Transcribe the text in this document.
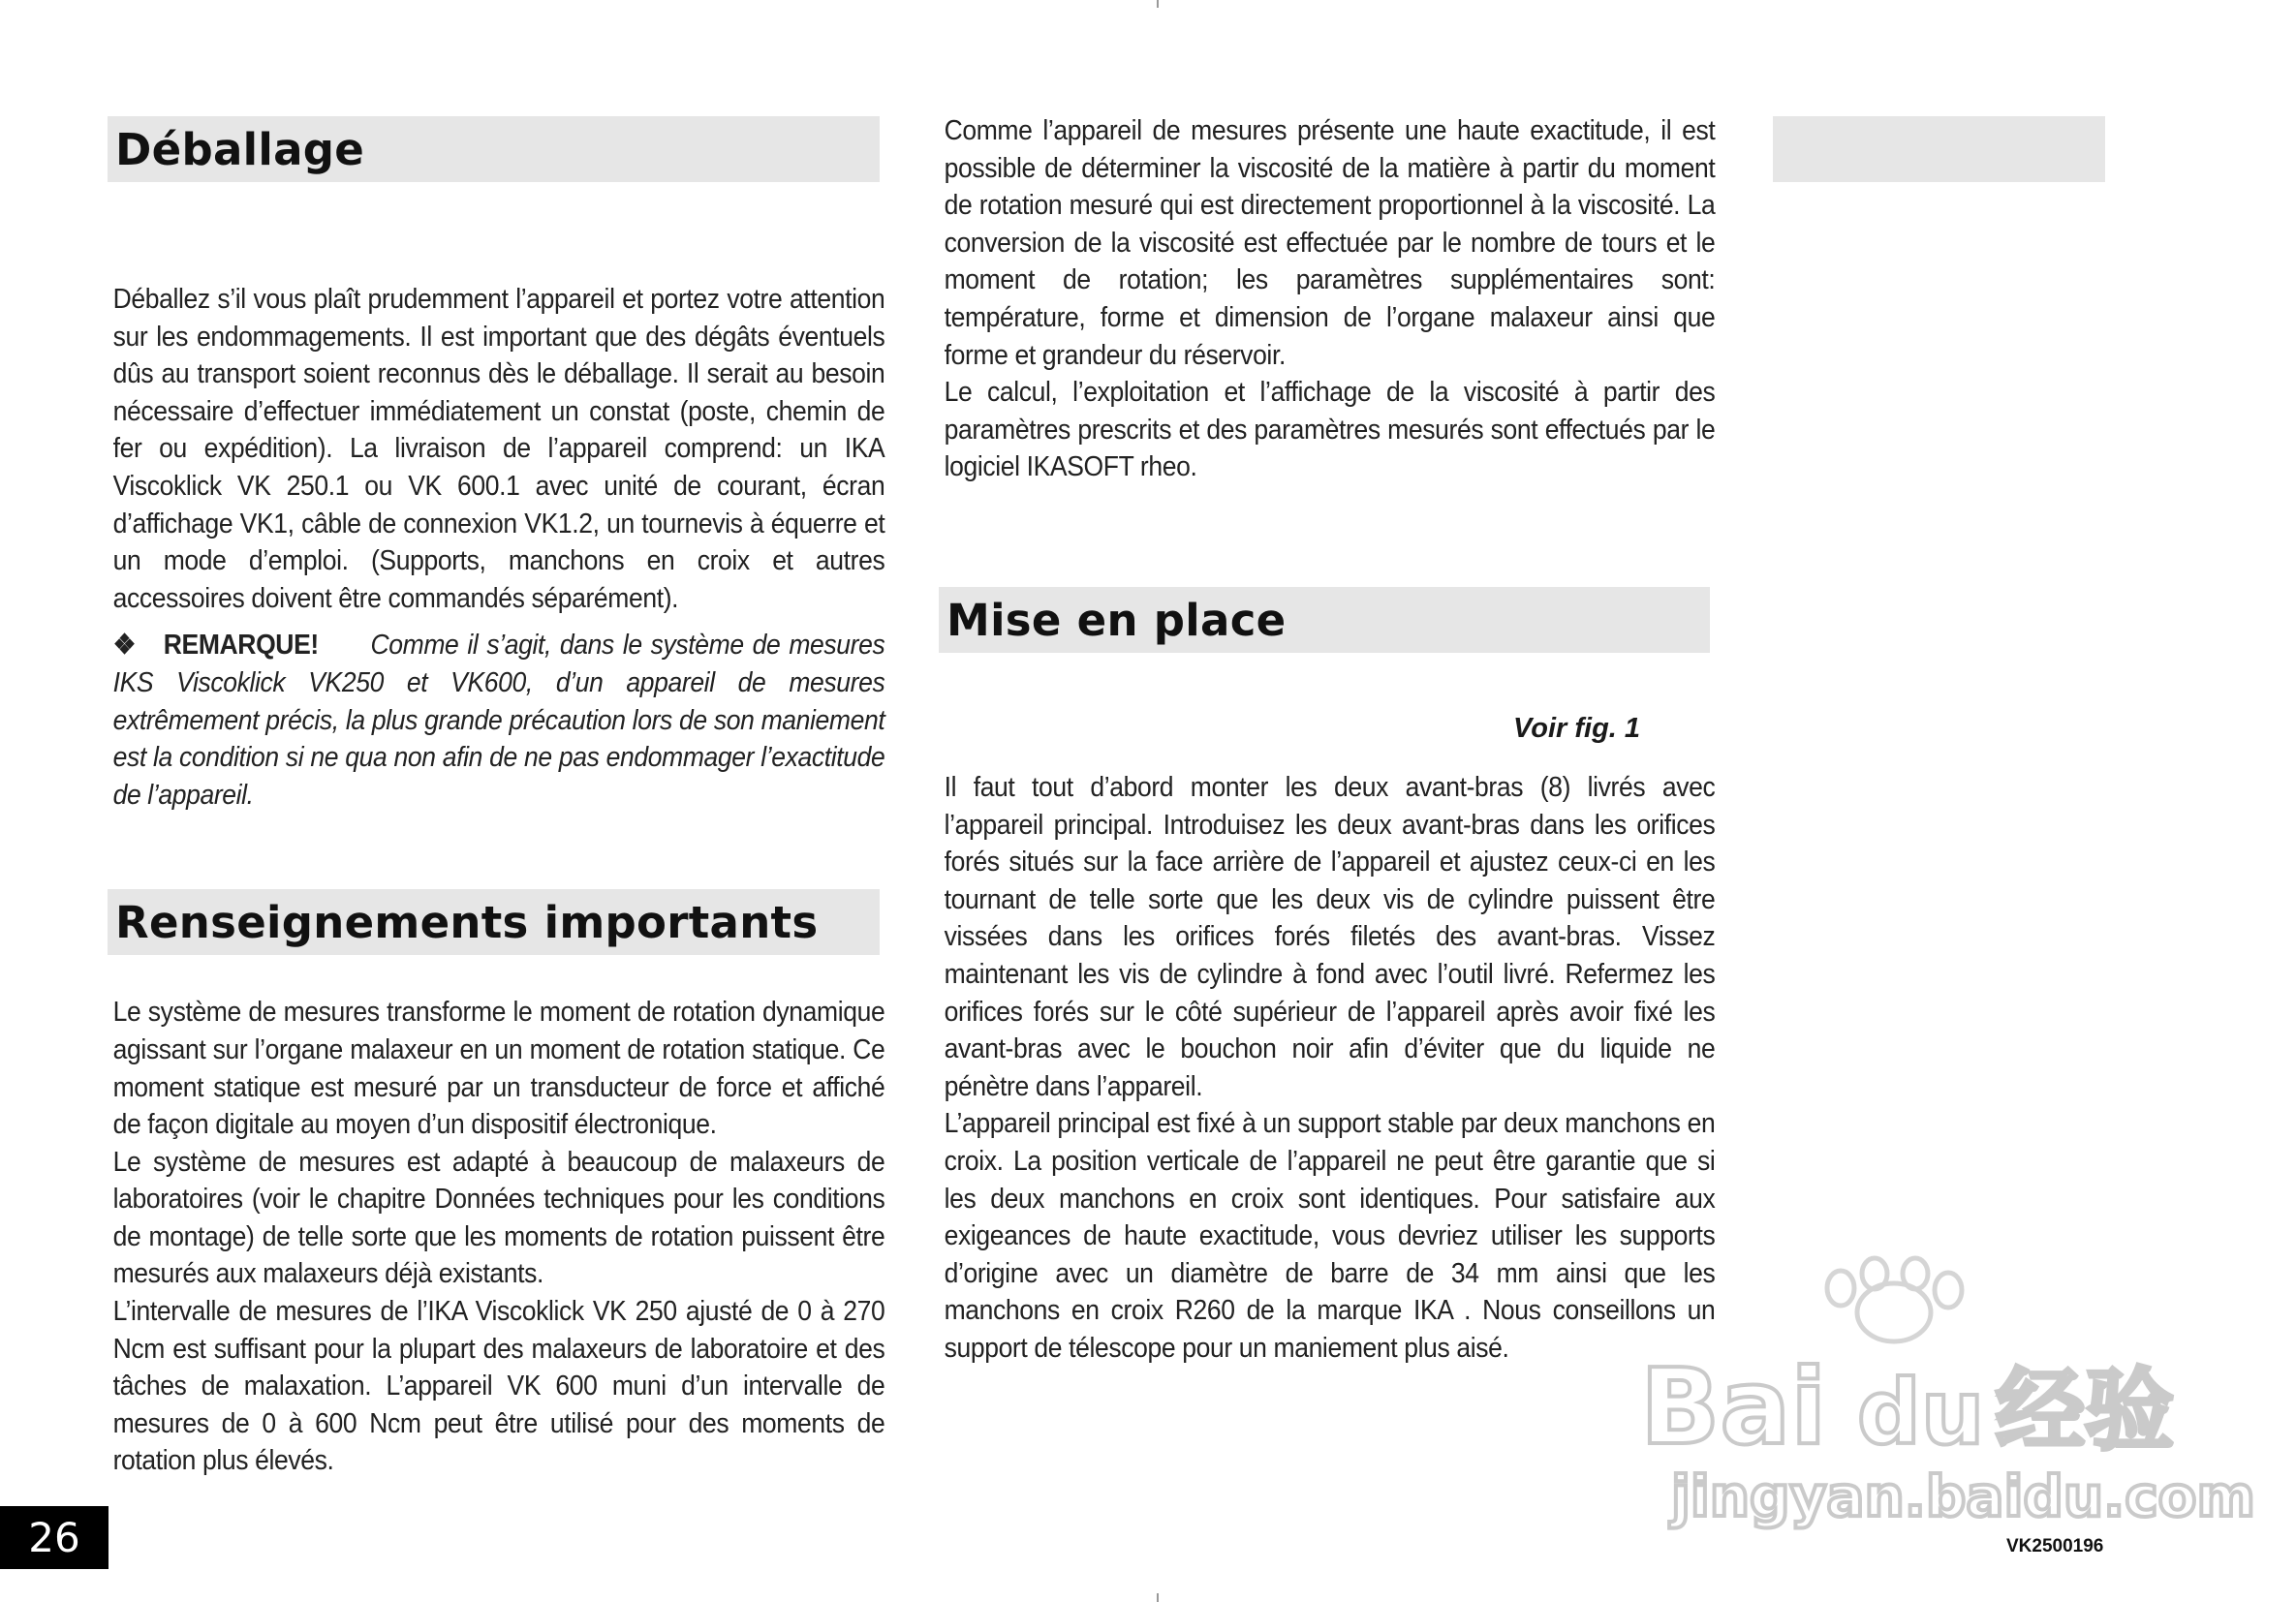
Déballage

Déballez s’il vous plaît prudemment l’appareil et portez votre attention sur les endommagements. Il est important que des dégâts éventuels dûs au transport soient reconnus dès le déballage. Il serait au besoin nécessaire d’effectuer immédiatement un constat (poste, chemin de fer ou expédition). La livraison de l’appareil comprend: un IKA Viscoklick VK 250.1 ou VK 600.1 avec unité de courant, écran d’affichage VK1, câble de connexion VK1.2, un tournevis à équerre et un mode d’emploi. (Supports, manchons en croix et autres accessoires doivent être commandés séparément).

❖ REMARQUE! Comme il s’agit, dans le système de mesures IKS Viscoklick VK250 et VK600, d’un appareil de mesures extrêmement précis, la plus grande précaution lors de son maniement est la condition si ne qua non afin de ne pas endommager l’exactitude de l’appareil.

Renseignements importants

Le système de mesures transforme le moment de rotation dynamique agissant sur l’organe malaxeur en un moment de rotation statique. Ce moment statique est mesuré par un transducteur de force et affiché de façon digitale au moyen d’un dispositif électronique.

Le système de mesures est adapté à beaucoup de malaxeurs de laboratoires (voir le chapitre Données techniques pour les conditions de montage) de telle sorte que les moments de rotation puissent être mesurés aux malaxeurs déjà existants.

L’intervalle de mesures de l’IKA Viscoklick VK 250 ajusté de 0 à 270 Ncm est suffisant pour la plupart des malaxeurs de laboratoire et des tâches de malaxation. L’appareil VK 600 muni d’un intervalle de mesures de 0 à 600 Ncm peut être utilisé pour des moments de rotation plus élevés.

Comme l’appareil de mesures présente une haute exactitude, il est possible de déterminer la viscosité de la matière à partir du moment de rotation mesuré qui est directement proportionnel à la viscosité. La conversion de la viscosité est effectuée par le nombre de tours et le moment de rotation; les paramètres supplémentaires sont: température, forme et dimension de l’organe malaxeur ainsi que forme et grandeur du réservoir.

Le calcul, l’exploitation et l’affichage de la viscosité à partir des paramètres prescrits et des paramètres mesurés sont effectués par le logiciel IKASOFT rheo.

Mise en place
Voir fig. 1

Il faut tout d’abord monter les deux avant-bras (8) livrés avec l’appareil principal. Introduisez les deux avant-bras dans les orifices forés situés sur la face arrière de l’appareil et ajustez ceux-ci en les tournant de telle sorte que les deux vis de cylindre puissent être vissées dans les orifices forés filetés des avant-bras. Vissez maintenant les vis de cylindre à fond avec l’outil livré. Refermez les orifices forés sur le côté supérieur de l’appareil après avoir fixé les avant-bras avec le bouchon noir afin d’éviter que du liquide ne pénètre dans l’appareil.

L’appareil principal est fixé à un support stable par deux manchons en croix. La position verticale de l’appareil ne peut être garantie que si les deux manchons en croix sont identiques. Pour satisfaire aux exigeances de haute exactitude, vous devriez utiliser les supports d’origine avec un diamètre de barre de 34 mm ainsi que les manchons en croix R260 de la marque IKA . Nous conseillons un support de télescope pour un maniement plus aisé.	Bai du 经验
jingyan.baidu.com
26	VK2500196
